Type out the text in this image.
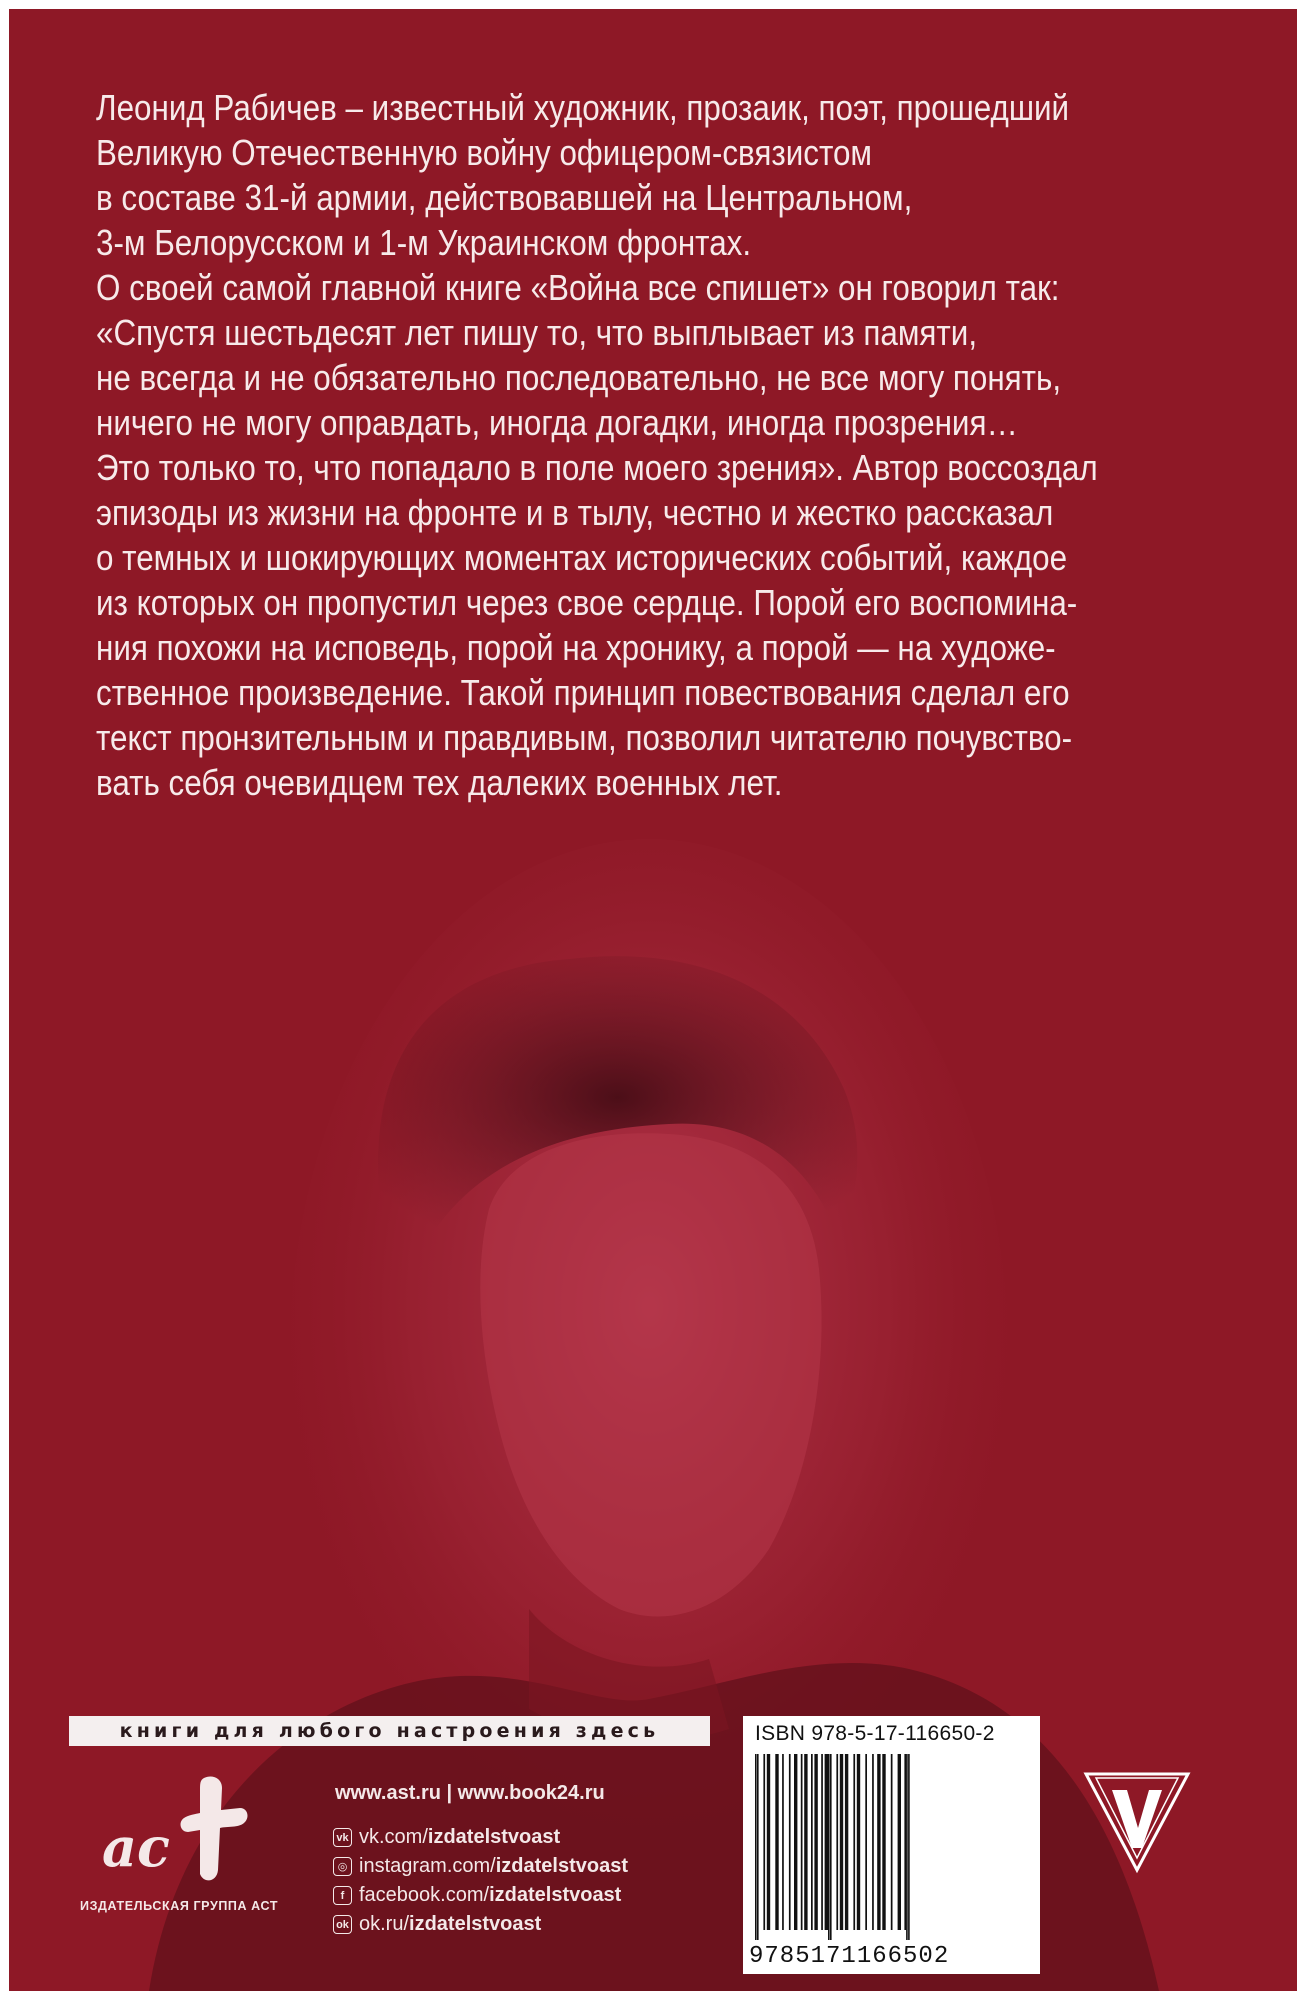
Леонид Рабичев – известный художник, прозаик, поэт, прошедший
Великую Отечественную войну офицером-связистом
в составе 31-й армии, действовавшей на Центральном,
3-м Белорусском и 1-м Украинском фронтах.
О своей самой главной книге «Война все спишет» он говорил так:
«Спустя шестьдесят лет пишу то, что выплывает из памяти,
не всегда и не обязательно последовательно, не все могу понять,
ничего не могу оправдать, иногда догадки, иногда прозрения…
Это только то, что попадало в поле моего зрения». Автор воссоздал
эпизоды из жизни на фронте и в тылу, честно и жестко рассказал
о темных и шокирующих моментах исторических событий, каждое
из которых он пропустил через свое сердце. Порой его воспомина-
ния похожи на исповедь, порой на хронику, а порой — на художе-
ственное произведение. Такой принцип повествования сделал его
текст пронзительным и правдивым, позволил читателю почувство-
вать себя очевидцем тех далеких военных лет.
книги для любого настроения здесь
ас
ИЗДАТЕЛЬСКАЯ ГРУППА АСТ
www.ast.ru | www.book24.ru
vk vk.com/ izdatelstvoast
◎ instagram.com/ izdatelstvoast
f facebook.com/ izdatelstvoast
ok ok.ru/ izdatelstvoast
ISBN 978-5-17-116650-2
9785171166502
